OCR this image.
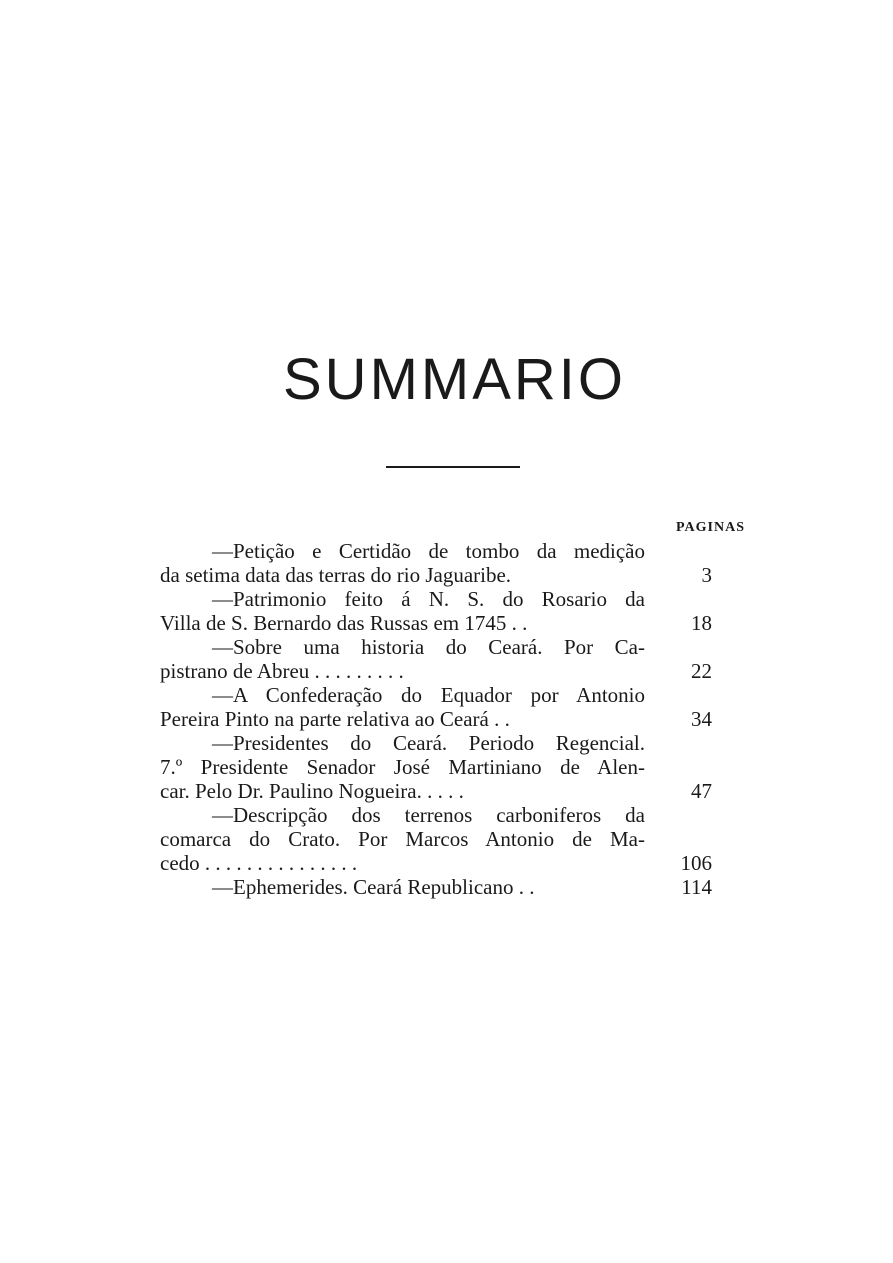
SUMMARIO
PAGINAS
—Petição e Certidão de tombo da medição
da setima data das terras do rio Jaguaribe.	3
—Patrimonio feito á N. S. do Rosario da
Villa de S. Bernardo das Russas em 1745 . .	18
—Sobre uma historia do Ceará. Por Ca-
pistrano de Abreu . . . . . . . . .	22
—A Confederação do Equador por Antonio
Pereira Pinto na parte relativa ao Ceará . .	34
—Presidentes do Ceará. Periodo Regencial.
7.º Presidente Senador José Martiniano de Alen-
car. Pelo Dr. Paulino Nogueira. . . . .	47
—Descripção dos terrenos carboniferos da
comarca do Crato. Por Marcos Antonio de Ma-
cedo . . . . . . . . . . . . . . .	106
—Ephemerides. Ceará Republicano . .	114
